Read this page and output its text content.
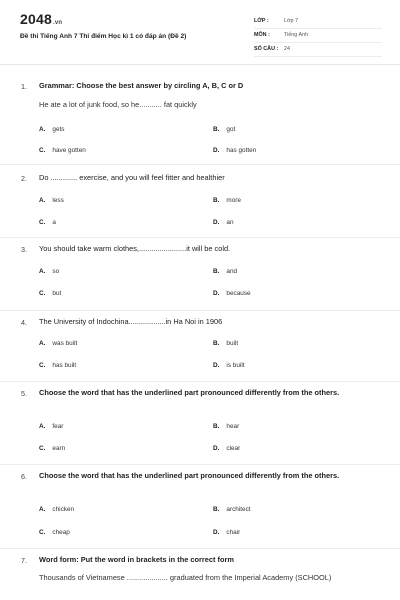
2048.vn
Đề thi Tiếng Anh 7 Thi điểm Học kì 1 có đáp án (Đề 2)
LỚP :	Lớp 7
MÔN :	Tiếng Anh
SỐ CÂU : 24
1. Grammar: Choose the best answer by circling A, B, C or D
He ate a lot of junk food, so he........... fat quickly
A. gets	B. got
C. have gotten	D. has gotten
2. Do ............. exercise, and you will feel fitter and healthier
A. less	B. more
C. a	D. an
3. You should take warm clothes,.......................it will be cold.
A. so	B. and
C. but	D. because
4. The University of Indochina..................in Ha Noi in 1906
A. was built	B. built
C. has built	D. is built
5. Choose the word that has the underlined part pronounced differently from the others.
A. fear	B. hear
C. earn	D. clear
6. Choose the word that has the underlined part pronounced differently from the others.
A. chicken	B. architect
C. cheap	D. chair
7. Word form: Put the word in brackets in the correct form
Thousands of Vietnamese .................... graduated from the Imperial Academy (SCHOOL)
